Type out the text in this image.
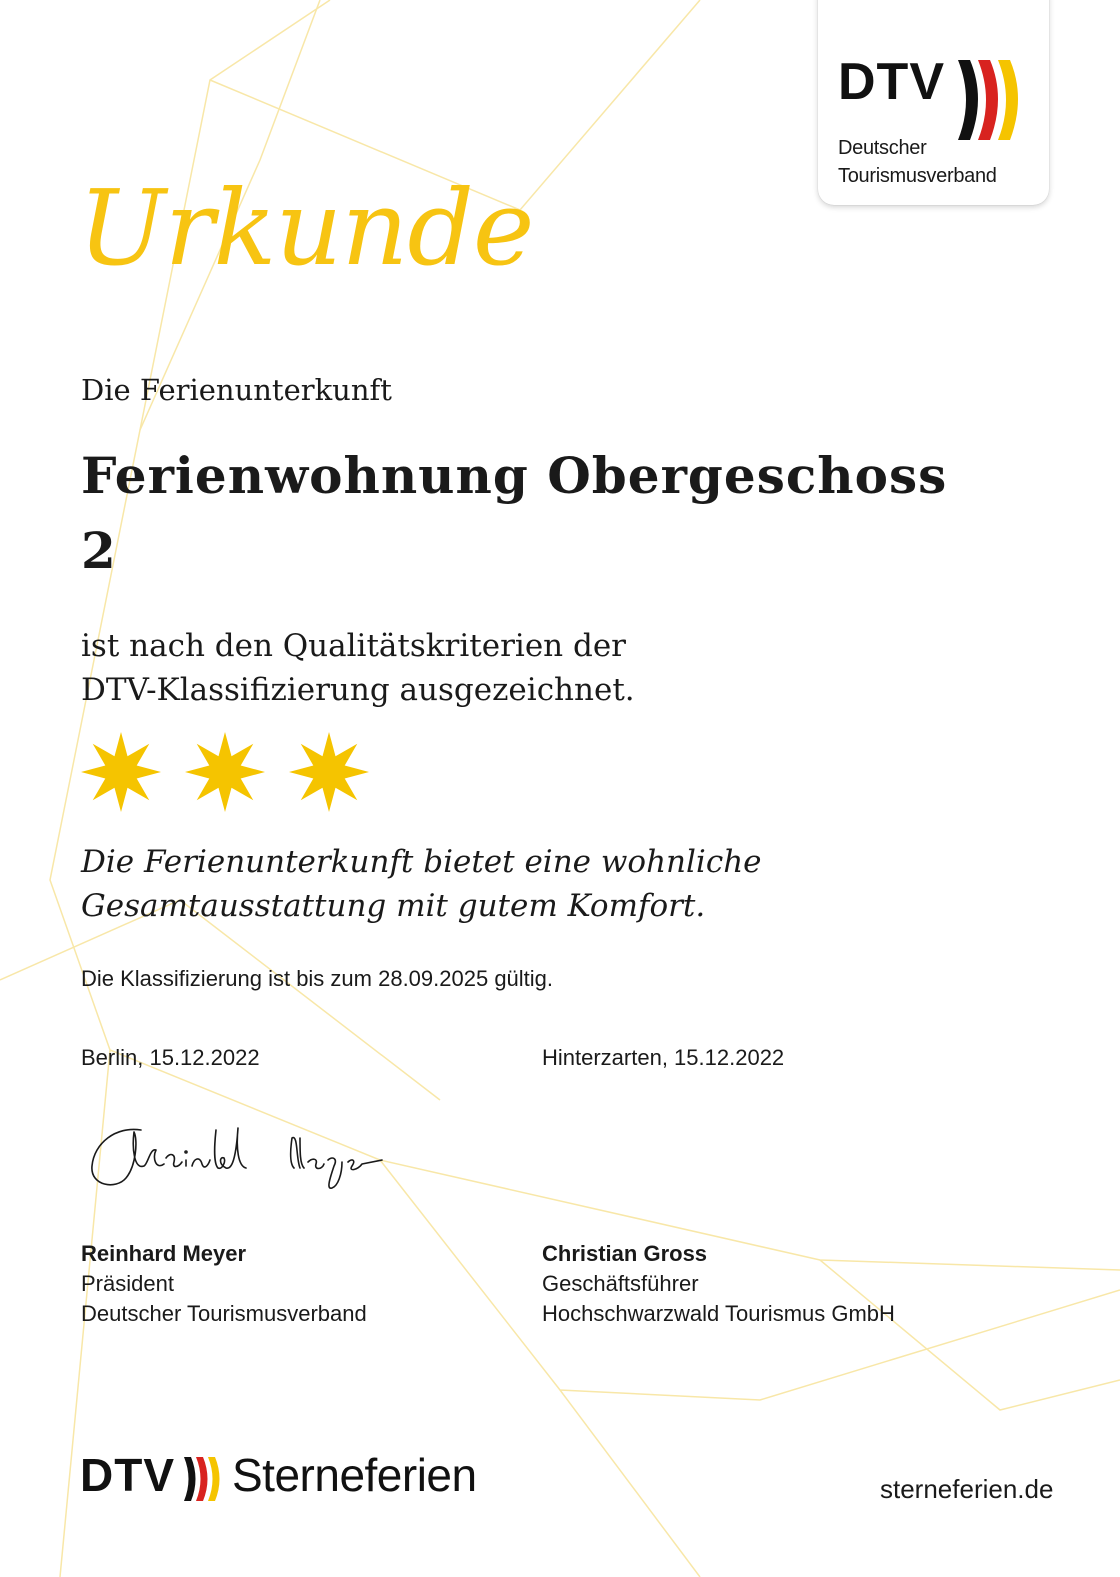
DTV
Deutscher
Tourismusverband
Urkunde
Die Ferienunterkunft
Ferienwohnung Obergeschoss
2
ist nach den Qualitätskriterien der
DTV-Klassifizierung ausgezeichnet.
Die Ferienunterkunft bietet eine wohnliche
Gesamtausstattung mit gutem Komfort.
Die Klassifizierung ist bis zum 28.09.2025 gültig.
Berlin, 15.12.2022	Hinterzarten, 15.12.2022
Reinhard Meyer
Präsident
Deutscher Tourismusverband
Christian Gross
Geschäftsführer
Hochschwarzwald Tourismus GmbH
DTV Sterneferien	sterneferien.de
